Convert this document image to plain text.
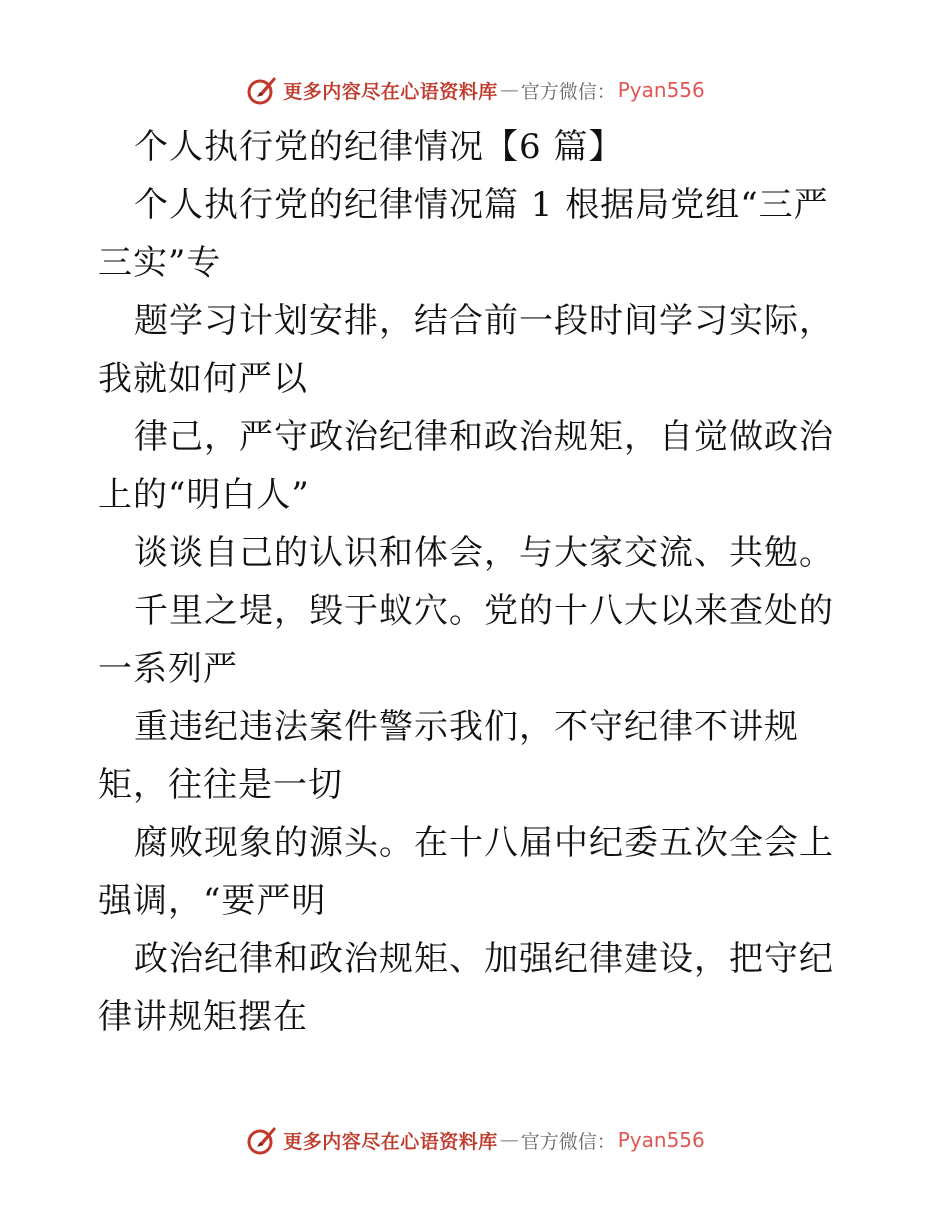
更多内容尽在心语资料库 — 官方微信： Pyan556

个人执行党的纪律情况【6 篇】

个人执行党的纪律情况篇 1 根据局党组“三严三实”专

题学习计划安排，结合前一段时间学习实际，我就如何严以

律己，严守政治纪律和政治规矩，自觉做政治上的“明白人”

谈谈自己的认识和体会，与大家交流、共勉。

千里之堤，毁于蚁穴。党的十八大以来查处的一系列严

重违纪违法案件警示我们，不守纪律不讲规矩，往往是一切

腐败现象的源头。在十八届中纪委五次全会上强调，“要严明

政治纪律和政治规矩、加强纪律建设，把守纪律讲规矩摆在

更多内容尽在心语资料库 — 官方微信： Pyan556
